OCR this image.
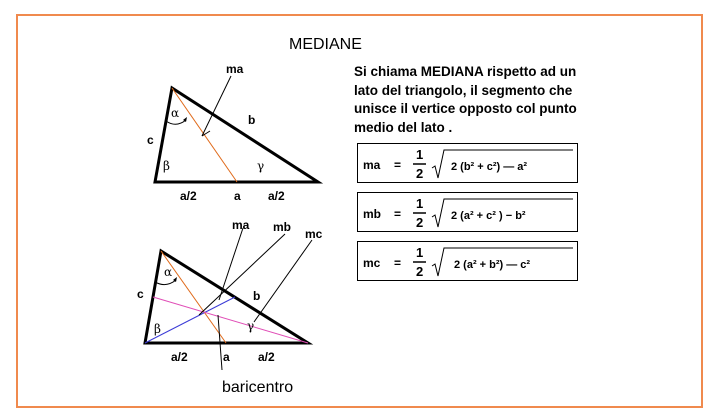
MEDIANE
Si chiama MEDIANA rispetto ad un lato del triangolo, il segmento che unisce il vertice opposto col punto medio del lato .
ma
b
c
α
β	γ
a/2	a a/2
ma mb mc
b
c
α
β	γ
a/2	a a/2
baricentro
ma =
1
2	2 (b² + c²) — a²
mb =
1
2	2 (a² + c² ) − b²
mc =
1
2	2 (a² + b²) — c²
